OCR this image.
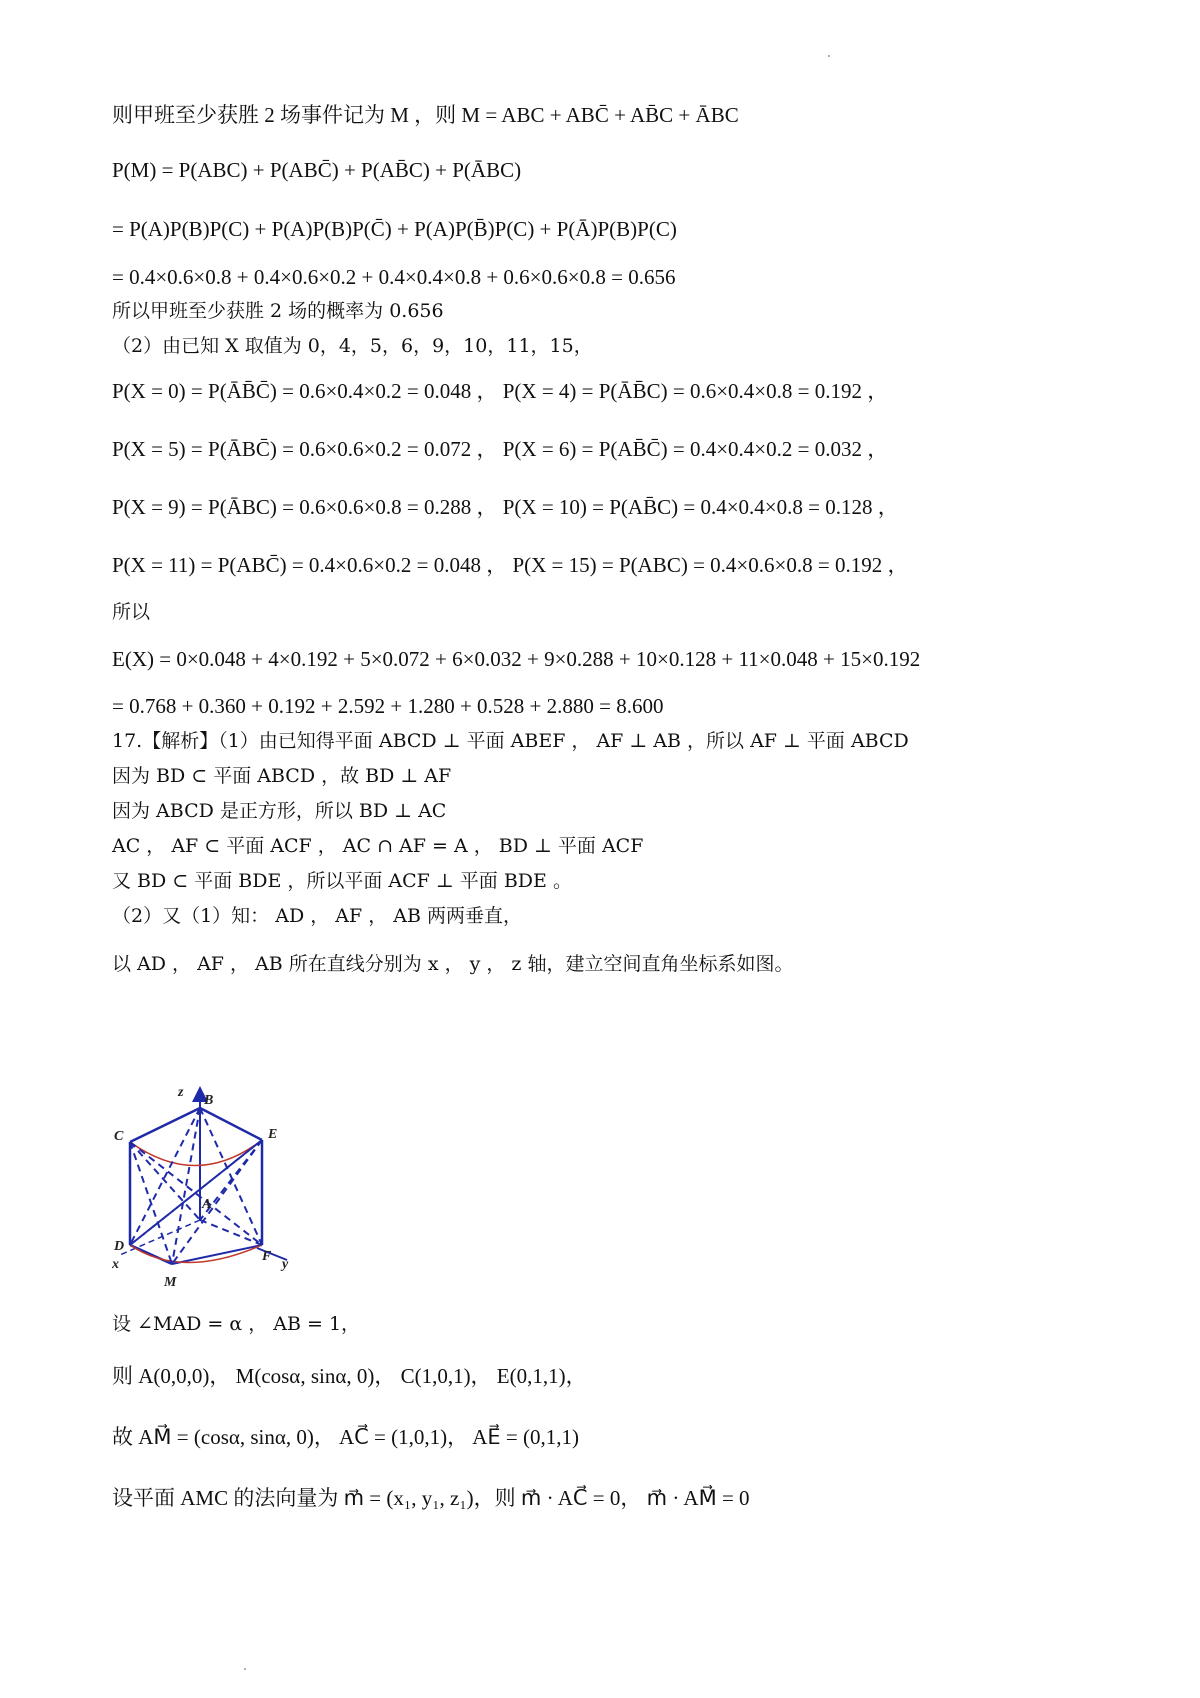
则甲班至少获胜 2 场事件记为 M ，则 M = ABC + ABC̄ + AB̄C + ĀBC
P(M) = P(ABC) + P(ABC̄) + P(AB̄C) + P(ĀBC)
= P(A)P(B)P(C) + P(A)P(B)P(C̄) + P(A)P(B̄)P(C) + P(Ā)P(B)P(C)
= 0.4×0.6×0.8 + 0.4×0.6×0.2 + 0.4×0.4×0.8 + 0.6×0.6×0.8 = 0.656
所以甲班至少获胜 2 场的概率为 0.656
（2）由已知 X 取值为 0，4，5，6，9，10，11，15，
P(X = 0) = P(ĀB̄C̄) = 0.6×0.4×0.2 = 0.048 ， P(X = 4) = P(ĀB̄C) = 0.6×0.4×0.8 = 0.192 ，
P(X = 5) = P(ĀBC̄) = 0.6×0.6×0.2 = 0.072 ， P(X = 6) = P(AB̄C̄) = 0.4×0.4×0.2 = 0.032 ，
P(X = 9) = P(ĀBC) = 0.6×0.6×0.8 = 0.288 ， P(X = 10) = P(AB̄C) = 0.4×0.4×0.8 = 0.128 ，
P(X = 11) = P(ABC̄) = 0.4×0.6×0.2 = 0.048 ， P(X = 15) = P(ABC) = 0.4×0.6×0.8 = 0.192 ，
所以
E(X) = 0×0.048 + 4×0.192 + 5×0.072 + 6×0.032 + 9×0.288 + 10×0.128 + 11×0.048 + 15×0.192
= 0.768 + 0.360 + 0.192 + 2.592 + 1.280 + 0.528 + 2.880 = 8.600
17.【解析】（1）由已知得平面 ABCD ⊥ 平面 ABEF ， AF ⊥ AB ，所以 AF ⊥ 平面 ABCD
因为 BD ⊂ 平面 ABCD ，故 BD ⊥ AF
因为 ABCD 是正方形，所以 BD ⊥ AC
AC ， AF ⊂ 平面 ACF ， AC ∩ AF = A ， BD ⊥ 平面 ACF
又 BD ⊂ 平面 BDE ，所以平面 ACF ⊥ 平面 BDE 。
（2）又（1）知： AD ， AF ， AB 两两垂直，
以 AD ， AF ， AB 所在直线分别为 x ， y ， z 轴，建立空间直角坐标系如图。
z
B
C	E
A
D
x
F
y
M
设 ∠MAD = α ， AB = 1，
则 A(0,0,0)， M(cosα, sinα, 0)， C(1,0,1)， E(0,1,1)，
故 AM⃗ = (cosα, sinα, 0)， AC⃗ = (1,0,1)， AE⃗ = (0,1,1)
设平面 AMC 的法向量为 m⃗ = (x₁, y₁, z₁)，则 m⃗ · AC⃗ = 0， m⃗ · AM⃗ = 0
